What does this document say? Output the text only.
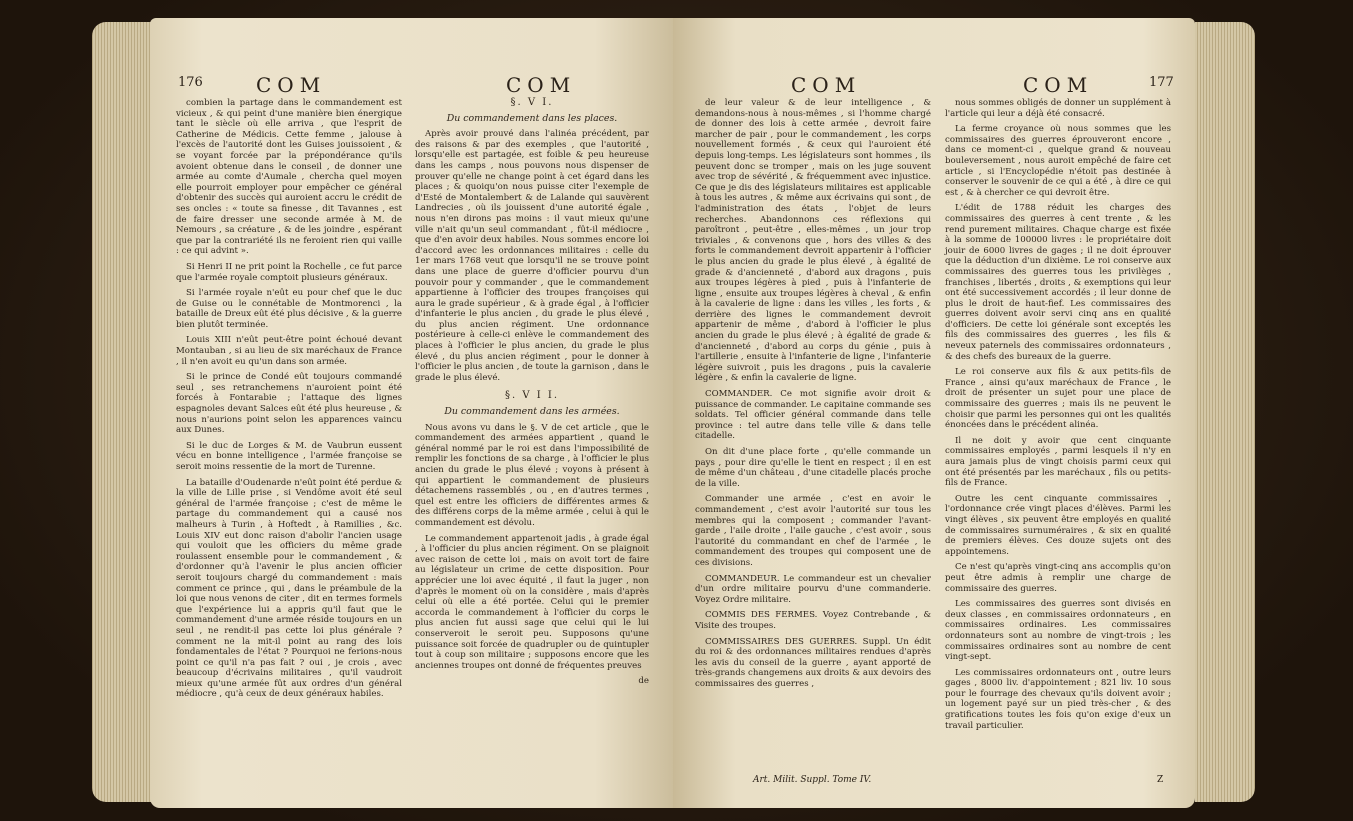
176	COM	COM

combien la partage dans le commandement est vicieux , & qui peint d'une manière bien énergique tant le siècle où elle arriva , que l'esprit de Catherine de Médicis. Cette femme , jalouse à l'excès de l'autorité dont les Guises jouissoient , & se voyant forcée par la prépondérance qu'ils avoient obtenue dans le conseil , de donner une armée au comte d'Aumale , chercha quel moyen elle pourroit employer pour empêcher ce général d'obtenir des succès qui auroient accru le crédit de ses oncles : « toute sa finesse , dit Tavannes , est de faire dresser une seconde armée à M. de Nemours , sa créature , & de les joindre , espérant que par la contrariété ils ne feroient rien qui vaille : ce qui advint ».

Si Henri II ne prit point la Rochelle , ce fut parce que l'armée royale comptoit plusieurs généraux.

Si l'armée royale n'eût eu pour chef que le duc de Guise ou le connétable de Montmorenci , la bataille de Dreux eût été plus décisive , & la guerre bien plutôt terminée.

Louis XIII n'eût peut-être point échoué devant Montauban , si au lieu de six maréchaux de France , il n'en avoit eu qu'un dans son armée.

Si le prince de Condé eût toujours commandé seul , ses retranchemens n'auroient point été forcés à Fontarabie ; l'attaque des lignes espagnoles devant Salces eût été plus heureuse , & nous n'aurions point selon les apparences vaincu aux Dunes.

Si le duc de Lorges & M. de Vaubrun eussent vécu en bonne intelligence , l'armée françoise se seroit moins ressentie de la mort de Turenne.

La bataille d'Oudenarde n'eût point été perdue & la ville de Lille prise , si Vendôme avoit été seul général de l'armée françoise ; c'est de même le partage du commandement qui a causé nos malheurs à Turin , à Hoftedt , à Ramillies , &c. Louis XIV eut donc raison d'abolir l'ancien usage qui vouloit que les officiers du même grade roulassent ensemble pour le commandement , & d'ordonner qu'à l'avenir le plus ancien officier seroit toujours chargé du commandement : mais comment ce prince , qui , dans le préambule de la loi que nous venons de citer , dit en termes formels que l'expérience lui a appris qu'il faut que le commandement d'une armée réside toujours en un seul , ne rendit-il pas cette loi plus générale ? comment ne la mit-il point au rang des lois fondamentales de l'état ? Pourquoi ne ferions-nous point ce qu'il n'a pas fait ? oui , je crois , avec beaucoup d'écrivains militaires , qu'il vaudroit mieux qu'une armée fût aux ordres d'un général médiocre , qu'à ceux de deux généraux habiles.

§. V I.

Du commandement dans les places.

Après avoir prouvé dans l'alinéa précédent, par des raisons & par des exemples , que l'autorité , lorsqu'elle est partagée, est foible & peu heureuse dans les camps , nous pouvons nous dispenser de prouver qu'elle ne change point à cet égard dans les places ; & quoiqu'on nous puisse citer l'exemple de d'Esté de Montalembert & de Lalande qui sauvèrent Landrecies , où ils jouissent d'une autorité égale , nous n'en dirons pas moins : il vaut mieux qu'une ville n'ait qu'un seul commandant , fût-il médiocre , que d'en avoir deux habiles. Nous sommes encore loi d'accord avec les ordonnances militaires : celle du 1er mars 1768 veut que lorsqu'il ne se trouve point dans une place de guerre d'officier pourvu d'un pouvoir pour y commander , que le commandement appartienne à l'officier des troupes françoises qui aura le grade supérieur , & à grade égal , à l'officier d'infanterie le plus ancien , du grade le plus élevé , du plus ancien régiment. Une ordonnance postérieure à celle-ci enlève le commandement des places à l'officier le plus ancien, du grade le plus élevé , du plus ancien régiment , pour le donner à l'officier le plus ancien , de toute la garnison , dans le grade le plus élevé.

§. V I I.

Du commandement dans les armées.

Nous avons vu dans le §. V de cet article , que le commandement des armées appartient , quand le général nommé par le roi est dans l'impossibilité de remplir les fonctions de sa charge , à l'officier le plus ancien du grade le plus élevé ; voyons à présent à qui appartient le commandement de plusieurs détachemens rassemblés , ou , en d'autres termes , quel est entre les officiers de différentes armes & des différens corps de la même armée , celui à qui le commandement est dévolu.

Le commandement appartenoit jadis , à grade égal , à l'officier du plus ancien régiment. On se plaignoit avec raison de cette loi , mais on avoit tort de faire au législateur un crime de cette disposition. Pour apprécier une loi avec équité , il faut la juger , non d'après le moment où on la considère , mais d'après celui où elle a été portée. Celui qui le premier accorda le commandement à l'officier du corps le plus ancien fut aussi sage que celui qui le lui conserveroit le seroit peu. Supposons qu'une puissance soit forcée de quadrupler ou de quintupler tout à coup son militaire ; supposons encore que les anciennes troupes ont donné de fréquentes preuves

de
COM	COM	177

de leur valeur & de leur intelligence , & demandons-nous à nous-mêmes , si l'homme chargé de donner des lois à cette armée , devroit faire marcher de pair , pour le commandement , les corps nouvellement formés , & ceux qui l'auroient été depuis long-temps. Les législateurs sont hommes , ils peuvent donc se tromper , mais on les juge souvent avec trop de sévérité , & fréquemment avec injustice. Ce que je dis des législateurs militaires est applicable à tous les autres , & même aux écrivains qui sont , de l'administration des états , l'objet de leurs recherches. Abandonnons ces réflexions qui paroîtront , peut-être , elles-mêmes , un jour trop triviales , & convenons que , hors des villes & des forts le commandement devroit appartenir à l'officier le plus ancien du grade le plus élevé , à égalité de grade & d'ancienneté , d'abord aux dragons , puis aux troupes légères à pied , puis à l'infanterie de ligne , ensuite aux troupes légères à cheval , & enfin à la cavalerie de ligne : dans les villes , les forts , & derrière des lignes le commandement devroit appartenir de même , d'abord à l'officier le plus ancien du grade le plus élevé ; à égalité de grade & d'ancienneté , d'abord au corps du génie , puis à l'artillerie , ensuite à l'infanterie de ligne , l'infanterie légère suivroit , puis les dragons , puis la cavalerie légère , & enfin la cavalerie de ligne.

COMMANDER. Ce mot signifie avoir droit & puissance de commander. Le capitaine commande ses soldats. Tel officier général commande dans telle province : tel autre dans telle ville & dans telle citadelle.

On dit d'une place forte , qu'elle commande un pays , pour dire qu'elle le tient en respect ; il en est de même d'un château , d'une citadelle placés proche de la ville.

Commander une armée , c'est en avoir le commandement , c'est avoir l'autorité sur tous les membres qui la composent ; commander l'avant-garde , l'aile droite , l'aile gauche , c'est avoir , sous l'autorité du commandant en chef de l'armée , le commandement des troupes qui composent une de ces divisions.

COMMANDEUR. Le commandeur est un chevalier d'un ordre militaire pourvu d'une commanderie. Voyez Ordre militaire.

COMMIS DES FERMES. Voyez Contrebande , & Visite des troupes.

COMMISSAIRES DES GUERRES. Suppl. Un édit du roi & des ordonnances militaires rendues d'après les avis du conseil de la guerre , ayant apporté de très-grands changemens aux droits & aux devoirs des commissaires des guerres ,

Art. Milit. Suppl. Tome IV.

nous sommes obligés de donner un supplément à l'article qui leur a déjà été consacré.

La ferme croyance où nous sommes que les commissaires des guerres éprouveront encore , dans ce moment-ci , quelque grand & nouveau bouleversement , nous auroit empêché de faire cet article , si l'Encyclopédie n'étoit pas destinée à conserver le souvenir de ce qui a été , à dire ce qui est , & à chercher ce qui devroit être.

L'édit de 1788 réduit les charges des commissaires des guerres à cent trente , & les rend purement militaires. Chaque charge est fixée à la somme de 100000 livres : le propriétaire doit jouir de 6000 livres de gages ; il ne doit éprouver que la déduction d'un dixième. Le roi conserve aux commissaires des guerres tous les privilèges , franchises , libertés , droits , & exemptions qui leur ont été successivement accordés ; il leur donne de plus le droit de haut-fief. Les commissaires des guerres doivent avoir servi cinq ans en qualité d'officiers. De cette loi générale sont exceptés les fils des commissaires des guerres , les fils & neveux paternels des commissaires ordonnateurs , & des chefs des bureaux de la guerre.

Le roi conserve aux fils & aux petits-fils de France , ainsi qu'aux maréchaux de France , le droit de présenter un sujet pour une place de commissaire des guerres ; mais ils ne peuvent le choisir que parmi les personnes qui ont les qualités énoncées dans le précédent alinéa.

Il ne doit y avoir que cent cinquante commissaires employés , parmi lesquels il n'y en aura jamais plus de vingt choisis parmi ceux qui ont été présentés par les maréchaux , fils ou petits-fils de France.

Outre les cent cinquante commissaires , l'ordonnance crée vingt places d'élèves. Parmi les vingt élèves , six peuvent être employés en qualité de commissaires surnuméraires , & six en qualité de premiers élèves. Ces douze sujets ont des appointemens.

Ce n'est qu'après vingt-cinq ans accomplis qu'on peut être admis à remplir une charge de commissaire des guerres.

Les commissaires des guerres sont divisés en deux classes , en commissaires ordonnateurs , en commissaires ordinaires. Les commissaires ordonnateurs sont au nombre de vingt-trois ; les commissaires ordinaires sont au nombre de cent vingt-sept.

Les commissaires ordonnateurs ont , outre leurs gages , 8000 liv. d'appointement ; 821 liv. 10 sous pour le fourrage des chevaux qu'ils doivent avoir ; un logement payé sur un pied très-cher , & des gratifications toutes les fois qu'on exige d'eux un travail particulier.

Z
